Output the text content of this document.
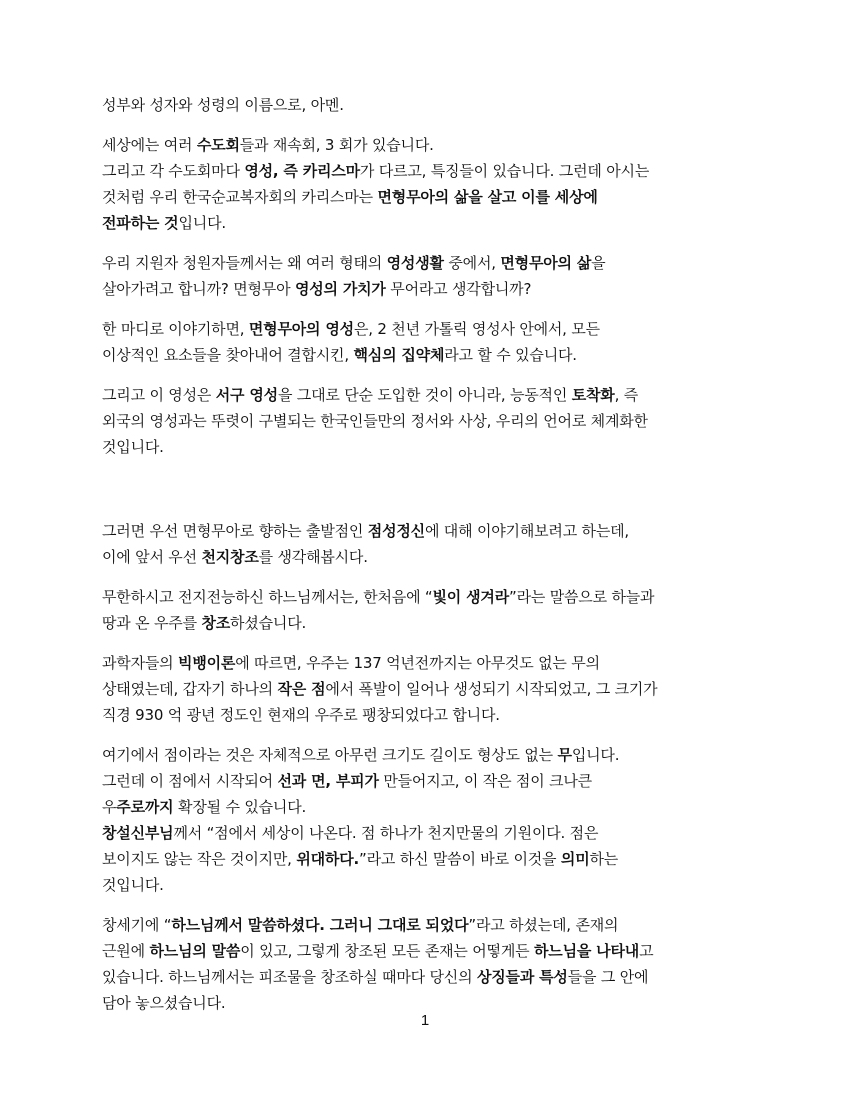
성부와 성자와 성령의 이름으로, 아멘.

세상에는 여러 수도회들과 재속회, 3 회가 있습니다.
그리고 각 수도회마다 영성, 즉 카리스마가 다르고, 특징들이 있습니다. 그런데 아시는
것처럼 우리 한국순교복자회의 카리스마는 면형무아의 삶을 살고 이를 세상에
전파하는 것입니다.

우리 지원자 청원자들께서는 왜 여러 형태의 영성생활 중에서, 면형무아의 삶을
살아가려고 합니까? 면형무아 영성의 가치가 무어라고 생각합니까?

한 마디로 이야기하면, 면형무아의 영성은, 2 천년 가톨릭 영성사 안에서, 모든
이상적인 요소들을 찾아내어 결합시킨, 핵심의 집약체라고 할 수 있습니다.

그리고 이 영성은 서구 영성을 그대로 단순 도입한 것이 아니라, 능동적인 토착화, 즉
외국의 영성과는 뚜렷이 구별되는 한국인들만의 정서와 사상, 우리의 언어로 체계화한
것입니다.

그러면 우선 면형무아로 향하는 출발점인 점성정신에 대해 이야기해보려고 하는데,
이에 앞서 우선 천지창조를 생각해봅시다.

무한하시고 전지전능하신 하느님께서는, 한처음에 “빛이 생겨라”라는 말씀으로 하늘과
땅과 온 우주를 창조하셨습니다.

과학자들의 빅뱅이론에 따르면, 우주는 137 억년전까지는 아무것도 없는 무의
상태였는데, 갑자기 하나의 작은 점에서 폭발이 일어나 생성되기 시작되었고, 그 크기가
직경 930 억 광년 정도인 현재의 우주로 팽창되었다고 합니다.

여기에서 점이라는 것은 자체적으로 아무런 크기도 길이도 형상도 없는 무입니다.
그런데 이 점에서 시작되어 선과 면, 부피가 만들어지고, 이 작은 점이 크나큰
우주로까지 확장될 수 있습니다.
창설신부님께서 “점에서 세상이 나온다. 점 하나가 천지만물의 기원이다. 점은
보이지도 않는 작은 것이지만, 위대하다.”라고 하신 말씀이 바로 이것을 의미하는
것입니다.

창세기에 “하느님께서 말씀하셨다. 그러니 그대로 되었다”라고 하셨는데, 존재의
근원에 하느님의 말씀이 있고, 그렇게 창조된 모든 존재는 어떻게든 하느님을 나타내고
있습니다. 하느님께서는 피조물을 창조하실 때마다 당신의 상징들과 특성들을 그 안에
담아 놓으셨습니다.

1
